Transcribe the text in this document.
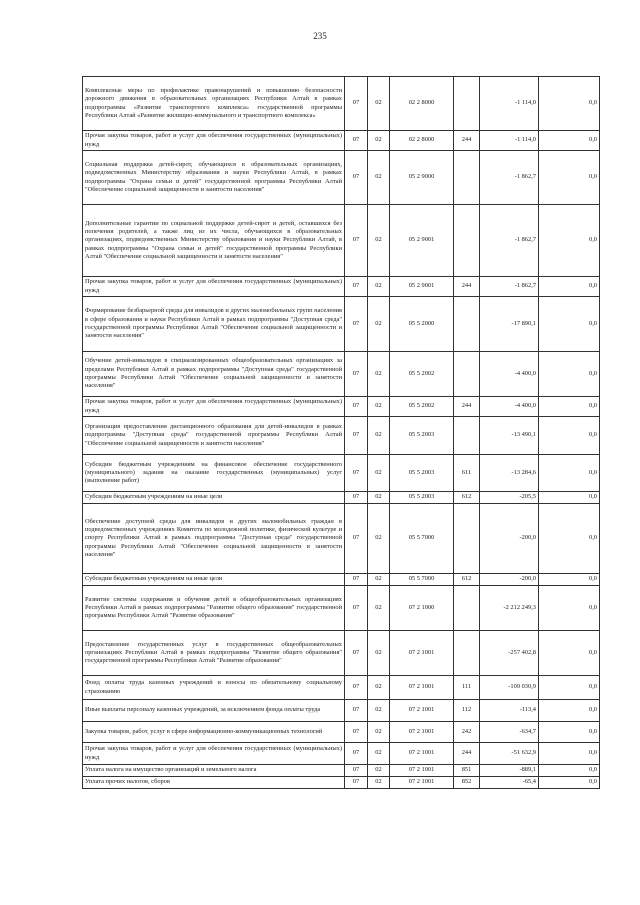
235
Комплексные меры по профилактике правонарушений и повышению безопасности дорожного движения в образовательных организациях Республики Алтай в рамках подпрограммы «Развитие транспортного комплекса» государственной программы Республики Алтай «Развитие жилищно-коммунального и транспортного комплекса»	07	02	02 2 8000		-1 114,0	0,0
Прочая закупка товаров, работ и услуг для обеспечения государственных (муниципальных) нужд	07	02	02 2 8000	244	-1 114,0	0,0
Социальная поддержка детей-сирот, обучающихся в образовательных организациях, подведомственных Министерству образования и науки Республики Алтай, в рамках подпрограммы "Охрана семьи и детей" государственной программы Республики Алтай "Обеспечение социальной защищенности и занятости населения"	07	02	05 2 9000		-1 862,7	0,0
Дополнительные гарантии по социальной поддержке детей-сирот и детей, оставшихся без попечения родителей, а также лиц из их числа, обучающихся в образовательных организациях, подведомственных Министерству образования и науки Республики Алтай, в рамках подпрограммы "Охрана семьи и детей" государственной программы Республики Алтай "Обеспечение социальной защищенности и занятости населения"	07	02	05 2 9001		-1 862,7	0,0
Прочая закупка товаров, работ и услуг для обеспечения государственных (муниципальных) нужд	07	02	05 2 9001	244	-1 862,7	0,0
Формирование безбарьерной среды для инвалидов и других маломобильных групп населения в сфере образования и науки Республики Алтай в рамках подпрограммы "Доступная среда" государственной программы Республики Алтай "Обеспечение социальной защищенности и занятости населения"	07	02	05 5 2000		-17 890,1	0,0
Обучение детей-инвалидов в специализированных общеобразовательных организациях за пределами Республики Алтай в рамках подпрограммы "Доступная среда" государственной программы Республики Алтай "Обеспечение социальной защищенности и занятости населения"	07	02	05 5 2002		-4 400,0	0,0
Прочая закупка товаров, работ и услуг для обеспечения государственных (муниципальных) нужд	07	02	05 5 2002	244	-4 400,0	0,0
Организация предоставления дистанционного образования для детей-инвалидов в рамках подпрограммы "Доступная среда" государственной программы Республики Алтай "Обеспечение социальной защищенности и занятости населения"	07	02	05 5 2003		-13 490,1	0,0
Субсидии бюджетным учреждениям на финансовое обеспечение государственного (муниципального) задания на оказание государственных (муниципальных) услуг (выполнение работ)	07	02	05 5 2003	611	-13 284,6	0,0
Субсидии бюджетным учреждениям на иные цели	07	02	05 5 2003	612	-205,5	0,0
Обеспечение доступной среды для инвалидов и других маломобильных граждан в подведомственных учреждениях Комитета по молодежной политике, физической культуре и спорту Республики Алтай в рамках подпрограммы "Доступная среда" государственной программы Республики Алтай "Обеспечение социальной защищенности и занятости населения"	07	02	05 5 7000		-200,0	0,0
Субсидии бюджетным учреждениям на иные цели	07	02	05 5 7000	612	-200,0	0,0
Развитие системы содержания и обучения детей в общеобразовательных организациях Республики Алтай в рамках подпрограммы "Развитие общего образования" государственной программы Республики Алтай "Развитие образования"	07	02	07 2 1000		-2 212 249,3	0,0
Предоставление государственных услуг в государственных общеобразовательных организациях Республики Алтай в рамках подпрограммы "Развитие общего образования" государственной программы Республики Алтай "Развитие образования"	07	02	07 2 1001		-257 402,8	0,0
Фонд оплаты труда казенных учреждений и взносы по обязательному социальному страхованию	07	02	07 2 1001	111	-109 030,9	0,0
Иные выплаты персоналу казенных учреждений, за исключением фонда оплаты труда	07	02	07 2 1001	112	-113,4	0,0
Закупка товаров, работ, услуг в сфере информационно-коммуникационных технологий	07	02	07 2 1001	242	-634,7	0,0
Прочая закупка товаров, работ и услуг для обеспечения государственных (муниципальных) нужд	07	02	07 2 1001	244	-51 632,9	0,0
Уплата налога на имущество организаций и земельного налога	07	02	07 2 1001	851	-889,1	0,0
Уплата прочих налогов, сборов	07	02	07 2 1001	852	-65,4	0,0
